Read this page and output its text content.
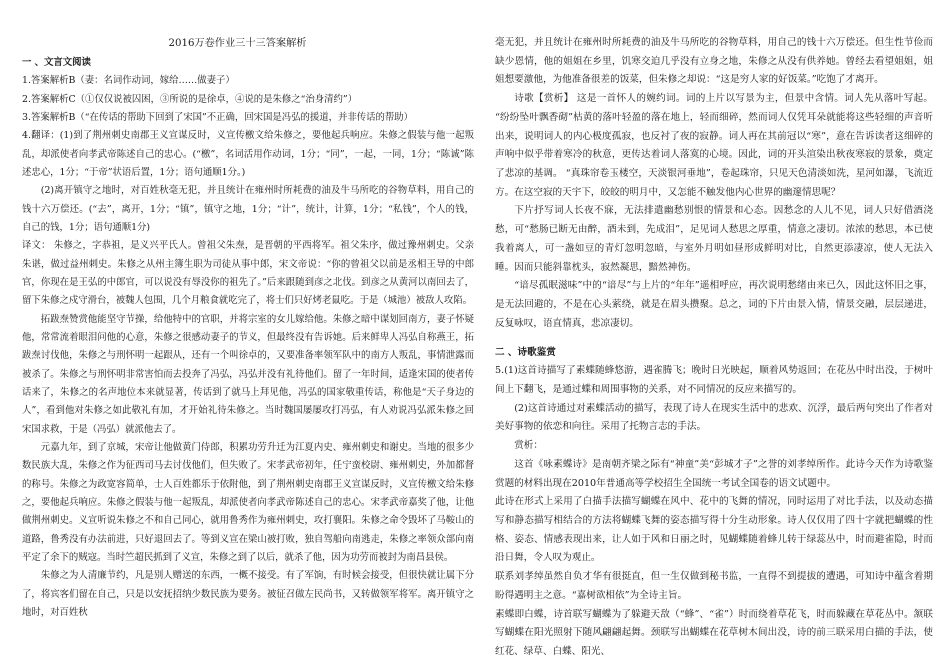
2016万卷作业三十三答案解析

一 、文言文阅读

1.答案解析B（妻：名词作动词，嫁给……做妻子）

2.答案解析C（①仅仅说被囚困，③所说的是徐卓，④说的是朱修之“治身清约”）

3.答案解析B（“在传话的帮助下回到了宋国”不正确，回宋国是冯弘的援道，并非传话的帮助）

4.翻译：(1)到了荆州刺史南郡王义宣谋反时，义宣传檄文给朱修之，要他起兵响应。朱修之假装与他一起叛乱，却派使者向孝武帝陈述自己的忠心。(“檄”，名词活用作动词，1分；“同”，一起，一同，1分；“陈诚”陈述忠心，1分；“于帝”状语后置，1分；语句通顺1分。)

(2)离开镇守之地时，对百姓秋毫无犯，并且统计在雍州时所耗费的油及牛马所吃的谷物草料，用自己的钱十六万偿还。(“去”，离开，1分；“镇”，镇守之地，1分；“计”，统计，计算，1分；“私钱”，个人的钱，自己的钱，1分；语句通顺1分)

译文： 朱修之，字恭祖，是义兴平氏人。曾祖父朱焘，是晋朝的平西将军。祖父朱序，做过豫州刺史。父亲朱谌，做过益州刺史。朱修之从州主簿生职为司徒从事中郎，宋文帝说：“你的曾祖父以前是丞相王导的中郎官，你现在是王弘的中郎官，可以说没有辱没你的祖先了。”后来跟随到彦之北伐。到彦之从黄河以南回去了，留下朱修之戍守滑台，被魏人包围，几个月粮食就吃完了，将士们只好烤老鼠吃。于是（城池）被敌人攻陷。

拓跋焘赞赏他能坚守节操，给他特中的官职，并将宗室的女儿嫁给他。朱修之暗中谋划回南方，妻子怀疑他，常常流着眼泪问他的心意，朱修之很感动妻子的节义，但最终没有告诉她。后来鲜卑人冯弘自称燕王，拓跋焘讨伐他，朱修之与刑怀明一起跟从，还有一个叫徐卓的，又要准备率领军队中的南方人叛乱，事情泄露而被杀了。朱修之与刑怀明非常害怕而去投奔了冯弘，冯弘并没有礼待他们。留了一年时间，适逢宋国的使者传话来了，朱修之的名声地位本来就显著，传话到了就马上拜见他，冯弘的国家敬重传话，称他是“天子身边的人”，看到他对朱修之如此敬礼有加，才开始礼待朱修之。当时魏国屡屡攻打冯弘，有人劝说冯弘派朱修之回宋国求救，于是（冯弘）就派他去了。

元嘉九年，到了京城，宋帝让他做黄门侍郎，积累功劳升迁为江夏内史、雍州刺史和谢史。当地的很多少数民族大乱，朱修之作为征西司马去讨伐他们，但失败了。宋孝武帝初年，任宁蛮校尉、雍州刺史，外加都督的称号。朱修之为政宽容简单，士人百姓都乐于依附他，到了荆州刺史南郡王义宣谋反时，义宣传檄文给朱修之，要他起兵响应。朱修之假装与他一起叛乱，却派使者向孝武帝陈述自己的忠心。宋孝武帝嘉奖了他，让他做荆州刺史。义宣听说朱修之不和自己同心，就用鲁秀作为雍州刺史，攻打襄阳。朱修之命令毁坏了马鞍山的道路，鲁秀没有办法前进，只好退回去了。等到义宣在梁山被打败，独自驾船向南逃走，朱修之率领众部向南平定了余下的贼寇。当时竺超民抓到了义宣，朱修之到了以后，就杀了他，因为功劳而被封为南昌县侯。

朱修之为人清廉节约，凡是别人赠送的东西，一概不接受。有了军饷，有时候会接受，但很快就让属下分了，将宾客们留在自己，只是以安抚招纳少数民族为要务。被征召做左民尚书，又转做领军将军。离开镇守之地时，对百姓秋

毫无犯，并且统计在雍州时所耗费的油及牛马所吃的谷物草料，用自己的钱十六万偿还。但生性节俭而缺少恩情，他的姐姐在乡里，饥寒交迫几乎没有立身之地，朱修之从没有供养她。曾经去看望姐姐，姐姐想要激他，为他准备很差的饭菜，但朱修之却说：“这是穷人家的好饭菜。”吃饱了才离开。

诗歌【赏析】 这是一首怀人的婉约词。词的上片以写景为主，但景中含情。词人先从落叶写起。 “纷纷坠叶飘香砌”枯黄的落叶轻盈的落在地上，轻而细碎，然而词人仅凭耳朵就能将这些轻细的声音听出来，说明词人的内心极度孤寂，也反衬了夜的寂静。词人再在其前冠以“寒”，意在告诉读者这细碎的声响中似乎带着寒冷的秋意，更传达着词人落寞的心境。因此，词的开头渲染出秋夜寒寂的景象，奠定了悲凉的基调。 “真珠帘卷玉楼空，天淡银河垂地”，卷起珠帘，只见天色清淡如洗，星河如瀑，飞流近方。在这空寂的天宇下，皎皎的明月中，又怎能不触发他内心世界的幽邃情思呢？

下片抒写词人长夜不寐，无法排遣幽愁别恨的情景和心态。因愁念的人儿不见，词人只好借酒浇愁，可“愁肠已断无由醉，酒未到，先成泪”，足见词人愁思之厚重，情意之凄切。浓浓的愁思，本已使我着离人，可一盏如豆的青灯忽明忽暗，与室外月明如昼形成鲜明对比，自然更添凄凉，使人无法入睡。因而只能斜靠枕头，寂然凝思，黯然神伤。

“谙尽孤眠滋味”中的“谙尽”与上片的“年年”遥相呼应，再次说明愁绪由来已久，因此这怀旧之事，是无法回避的，不是在心头萦绕，就是在眉头攒聚。总之，词的下片由景入情，情景交融，层层递进，反复咏叹，语直情真，悲凉凄切。

二 、诗歌鉴赏

5.(1)这首诗描写了素蝶随蜂悠游，遇雀腾飞；晚时日光映起，顺着风势返回；在花丛中时出没，于树叶间上下翻飞，是通过蝶和周围事物的关系，对不同情况的反应来描写的。

(2)这首诗通过对素蝶活动的描写，表现了诗人在现实生活中的悲欢、沉浮，最后两句突出了作者对美好事物的依恋和向往。采用了托物言志的手法。

赏析：

这首《咏素蝶诗》是南朝齐梁之际有“神童”美“彭城才子”之誉的刘孝绰所作。此诗今天作为诗歌鉴赏题的材料出现在2010年普通高等学校招生全国统一考试全国卷的语文试题中。

此诗在形式上采用了白描手法描写蝴蝶在风中、花中的飞舞的情况，同时运用了对比手法，以及动态描写和静态描写相结合的方法将蝴蝶飞舞的姿态描写得十分生动形象。诗人仅仅用了四十字就把蝴蝶的性格、姿态、情感表现出来，让人如于风和日丽之时，见蝴蝶随着蜂儿转于绿蕊丛中，时而避雀隐，时而沿日舞，令人叹为观止。

联系刘孝绰虽然自负才华有很挺直，但一生仅做到秘书监，一直得不到提拔的遭遇，可知诗中蕴含着期盼得遇明主之意。“嘉树欲相依”为全诗主旨。

素蝶即白蝶，诗首联写蝴蝶为了躲避天敌（“蜂”、“雀”）时而绕着草花飞，时而躲藏在草花丛中。颔联写蝴蝶在阳光照射下随风翩翩起舞。颈联写出蝴蝶在花草树木间出没，诗的前三联采用白描的手法，使红花、绿草、白蝶、阳光、
